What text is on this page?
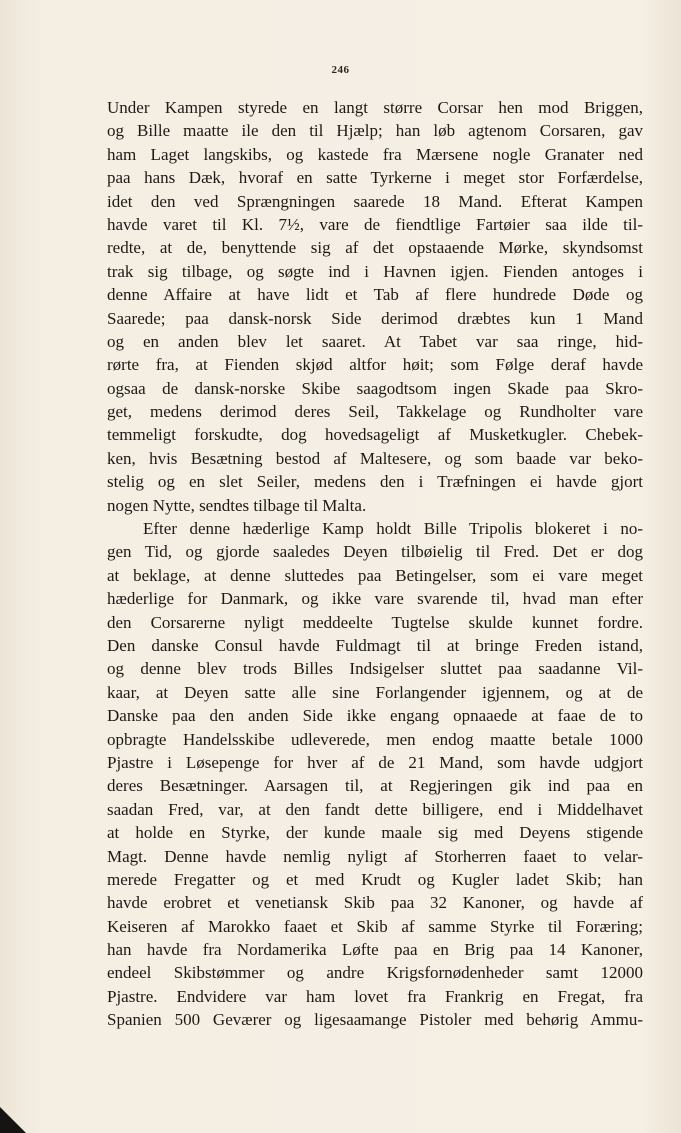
246
Under Kampen styrede en langt større Corsar hen mod Briggen,
og Bille maatte ile den til Hjælp; han løb agtenom Corsaren, gav
ham Laget langskibs, og kastede fra Mærsene nogle Granater ned
paa hans Dæk, hvoraf en satte Tyrkerne i meget stor Forfærdelse,
idet den ved Sprængningen saarede 18 Mand. Efterat Kampen
havde varet til Kl. 7½, vare de fiendtlige Fartøier saa ilde til-
redte, at de, benyttende sig af det opstaaende Mørke, skyndsomst
trak sig tilbage, og søgte ind i Havnen igjen. Fienden antoges i
denne Affaire at have lidt et Tab af flere hundrede Døde og
Saarede; paa dansk-norsk Side derimod dræbtes kun 1 Mand
og en anden blev let saaret. At Tabet var saa ringe, hid-
rørte fra, at Fienden skjød altfor høit; som Følge deraf havde
ogsaa de dansk-norske Skibe saagodtsom ingen Skade paa Skro-
get, medens derimod deres Seil, Takkelage og Rundholter vare
temmeligt forskudte, dog hovedsageligt af Musketkugler. Chebek-
ken, hvis Besætning bestod af Maltesere, og som baade var beko-
stelig og en slet Seiler, medens den i Træfningen ei havde gjort
nogen Nytte, sendtes tilbage til Malta.
Efter denne hæderlige Kamp holdt Bille Tripolis blokeret i no-
gen Tid, og gjorde saaledes Deyen tilbøielig til Fred. Det er dog
at beklage, at denne sluttedes paa Betingelser, som ei vare meget
hæderlige for Danmark, og ikke vare svarende til, hvad man efter
den Corsarerne nyligt meddeelte Tugtelse skulde kunnet fordre.
Den danske Consul havde Fuldmagt til at bringe Freden istand,
og denne blev trods Billes Indsigelser sluttet paa saadanne Vil-
kaar, at Deyen satte alle sine Forlangender igjennem, og at de
Danske paa den anden Side ikke engang opnaaede at faae de to
opbragte Handelsskibe udleverede, men endog maatte betale 1000
Pjastre i Løsepenge for hver af de 21 Mand, som havde udgjort
deres Besætninger. Aarsagen til, at Regjeringen gik ind paa en
saadan Fred, var, at den fandt dette billigere, end i Middelhavet
at holde en Styrke, der kunde maale sig med Deyens stigende
Magt. Denne havde nemlig nyligt af Storherren faaet to velar-
merede Fregatter og et med Krudt og Kugler ladet Skib; han
havde erobret et venetiansk Skib paa 32 Kanoner, og havde af
Keiseren af Marokko faaet et Skib af samme Styrke til Foræring;
han havde fra Nordamerika Løfte paa en Brig paa 14 Kanoner,
endeel Skibstømmer og andre Krigsfornødenheder samt 12000
Pjastre. Endvidere var ham lovet fra Frankrig en Fregat, fra
Spanien 500 Geværer og ligesaamange Pistoler med behørig Ammu-
